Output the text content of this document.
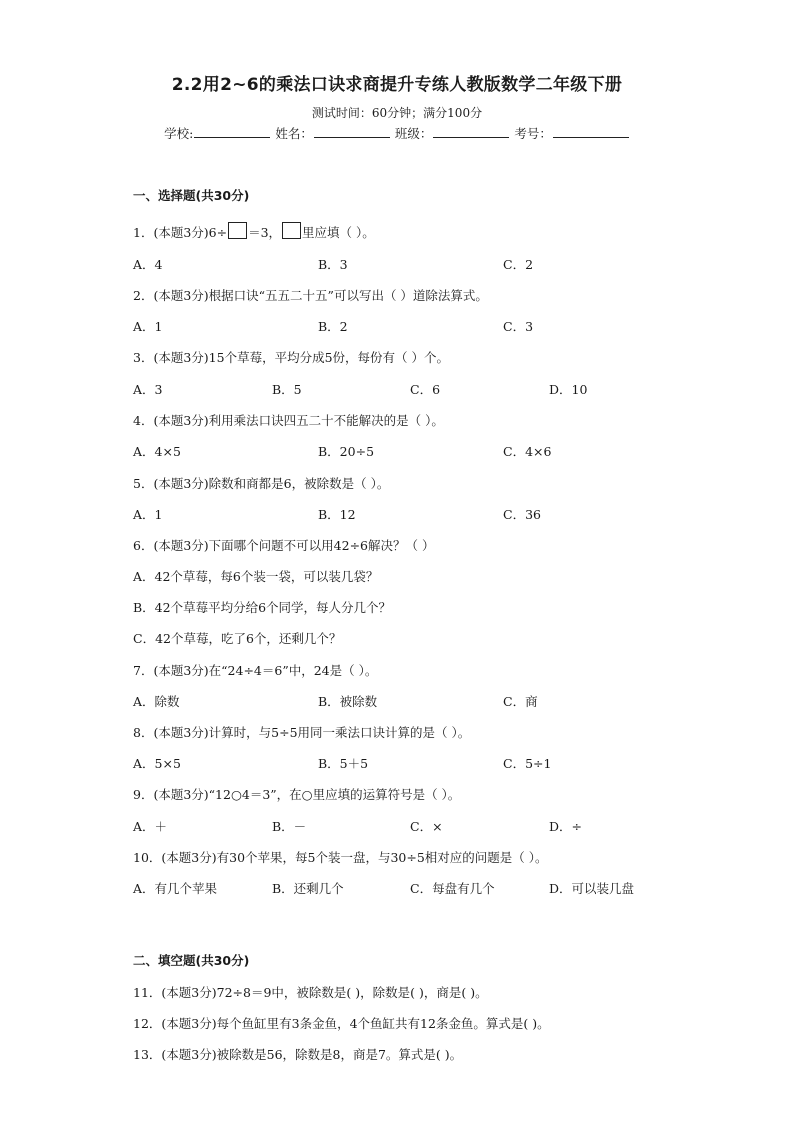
2.2用2~6的乘法口诀求商提升专练人教版数学二年级下册
测试时间：60分钟；满分100分
学校:	姓名：	班级：	考号：
一、选择题(共30分)
1．(本题3分)6÷ ＝3， 里应填（ ）。
A．4	B．3	C．2
2．(本题3分)根据口诀“五五二十五”可以写出（ ）道除法算式。
A．1	B．2	C．3
3．(本题3分)15个草莓，平均分成5份，每份有（ ）个。
A．3	B．5	C．6	D．10
4．(本题3分)利用乘法口诀四五二十不能解决的是（ ）。
A．4×5	B．20÷5	C．4×6
5．(本题3分)除数和商都是6，被除数是（ ）。
A．1	B．12	C．36
6．(本题3分)下面哪个问题不可以用42÷6解决？（ ）
A．42个草莓，每6个装一袋，可以装几袋？
B．42个草莓平均分给6个同学，每人分几个？
C．42个草莓，吃了6个，还剩几个？
7．(本题3分)在“24÷4＝6”中，24是（ ）。
A．除数	B．被除数	C．商
8．(本题3分)计算时，与5÷5用同一乘法口诀计算的是（ ）。
A．5×5	B．5＋5	C．5÷1
9．(本题3分)“12○4＝3”，在○里应填的运算符号是（ ）。
A．＋	B．－	C．×	D．÷
10．(本题3分)有30个苹果，每5个装一盘，与30÷5相对应的问题是（ ）。
A．有几个苹果	B．还剩几个	C．每盘有几个	D．可以装几盘
二、填空题(共30分)
11．(本题3分)72÷8＝9中，被除数是( )，除数是( )，商是( )。
12．(本题3分)每个鱼缸里有3条金鱼，4个鱼缸共有12条金鱼。算式是( )。
13．(本题3分)被除数是56，除数是8，商是7。算式是( )。
